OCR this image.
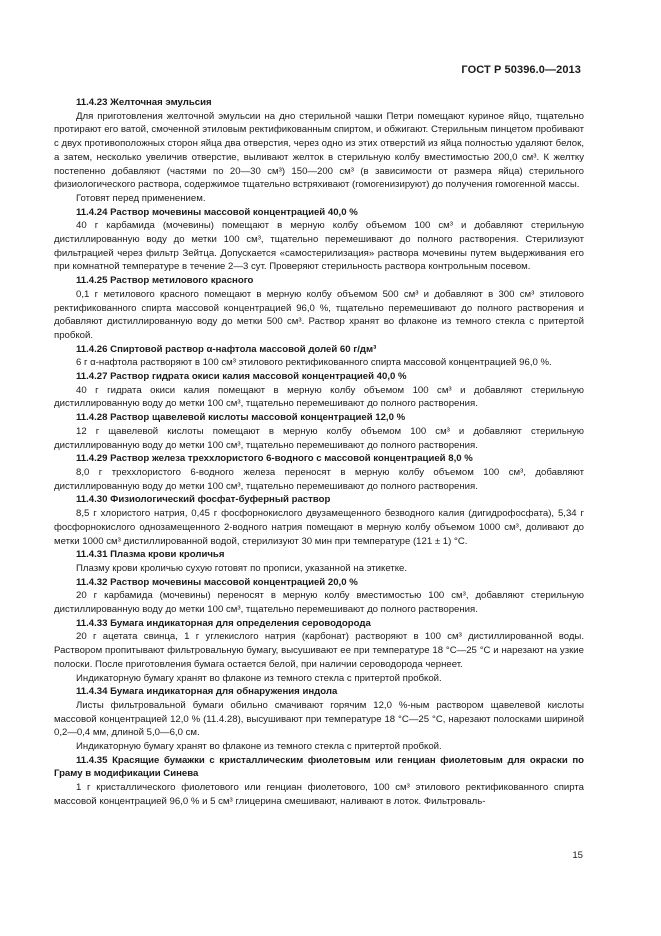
ГОСТ Р 50396.0—2013

11.4.23 Желточная эмульсия

Для приготовления желточной эмульсии на дно стерильной чашки Петри помещают куриное яйцо, тщательно протирают его ватой, смоченной этиловым ректификованным спиртом, и обжигают. Стерильным пинцетом пробивают с двух противоположных сторон яйца два отверстия, через одно из этих отверстий из яйца полностью удаляют белок, а затем, несколько увеличив отверстие, выливают желток в стерильную колбу вместимостью 200,0 см³. К желтку постепенно добавляют (частями по 20—30 см³) 150—200 см³ (в зависимости от размера яйца) стерильного физиологического раствора, содержимое тщательно встряхивают (гомогенизируют) до получения гомогенной массы.

Готовят перед применением.

11.4.24 Раствор мочевины массовой концентрацией 40,0 %

40 г карбамида (мочевины) помещают в мерную колбу объемом 100 см³ и добавляют стерильную дистиллированную воду до метки 100 см³, тщательно перемешивают до полного растворения. Стерилизуют фильтрацией через фильтр Зейтца. Допускается «самостерилизация» раствора мочевины путем выдерживания его при комнатной температуре в течение 2—3 сут. Проверяют стерильность раствора контрольным посевом.

11.4.25 Раствор метилового красного

0,1 г метилового красного помещают в мерную колбу объемом 500 см³ и добавляют в 300 см³ этилового ректификованного спирта массовой концентрацией 96,0 %, тщательно перемешивают до полного растворения и добавляют дистиллированную воду до метки 500 см³. Раствор хранят во флаконе из темного стекла с притертой пробкой.

11.4.26 Спиртовой раствор α-нафтола массовой долей 60 г/дм³

6 г α-нафтола растворяют в 100 см³ этилового ректификованного спирта массовой концентрацией 96,0 %.

11.4.27 Раствор гидрата окиси калия массовой концентрацией 40,0 %

40 г гидрата окиси калия помещают в мерную колбу объемом 100 см³ и добавляют стерильную дистиллированную воду до метки 100 см³, тщательно перемешивают до полного растворения.

11.4.28 Раствор щавелевой кислоты массовой концентрацией 12,0 %

12 г щавелевой кислоты помещают в мерную колбу объемом 100 см³ и добавляют стерильную дистиллированную воду до метки 100 см³, тщательно перемешивают до полного растворения.

11.4.29 Раствор железа треххлористого 6-водного с массовой концентрацией 8,0 %

8,0 г треххлористого 6-водного железа переносят в мерную колбу объемом 100 см³, добавляют дистиллированную воду до метки 100 см³, тщательно перемешивают до полного растворения.

11.4.30 Физиологический фосфат-буферный раствор

8,5 г хлористого натрия, 0,45 г фосфорнокислого двузамещенного безводного калия (дигидрофосфата), 5,34 г фосфорнокислого однозамещенного 2-водного натрия помещают в мерную колбу объемом 1000 см³, доливают до метки 1000 см³ дистиллированной водой, стерилизуют 30 мин при температуре (121 ± 1) °С.

11.4.31 Плазма крови кроличья

Плазму крови кроличью сухую готовят по прописи, указанной на этикетке.

11.4.32 Раствор мочевины массовой концентрацией 20,0 %

20 г карбамида (мочевины) переносят в мерную колбу вместимостью 100 см³, добавляют стерильную дистиллированную воду до метки 100 см³, тщательно перемешивают до полного растворения.

11.4.33 Бумага индикаторная для определения сероводорода

20 г ацетата свинца, 1 г углекислого натрия (карбонат) растворяют в 100 см³ дистиллированной воды. Раствором пропитывают фильтровальную бумагу, высушивают ее при температуре 18 °С—25 °С и нарезают на узкие полоски. После приготовления бумага остается белой, при наличии сероводорода чернеет.

Индикаторную бумагу хранят во флаконе из темного стекла с притертой пробкой.

11.4.34 Бумага индикаторная для обнаружения индола

Листы фильтровальной бумаги обильно смачивают горячим 12,0 %-ным раствором щавелевой кислоты массовой концентрацией 12,0 % (11.4.28), высушивают при температуре 18 °С—25 °С, нарезают полосками шириной 0,2—0,4 мм, длиной 5,0—6,0 см.

Индикаторную бумагу хранят во флаконе из темного стекла с притертой пробкой.

11.4.35 Красящие бумажки с кристаллическим фиолетовым или генциан фиолетовым для окраски по Граму в модификации Синева

1 г кристаллического фиолетового или генциан фиолетового, 100 см³ этилового ректификованного спирта массовой концентрацией 96,0 % и 5 см³ глицерина смешивают, наливают в лоток. Фильтроваль-

15
